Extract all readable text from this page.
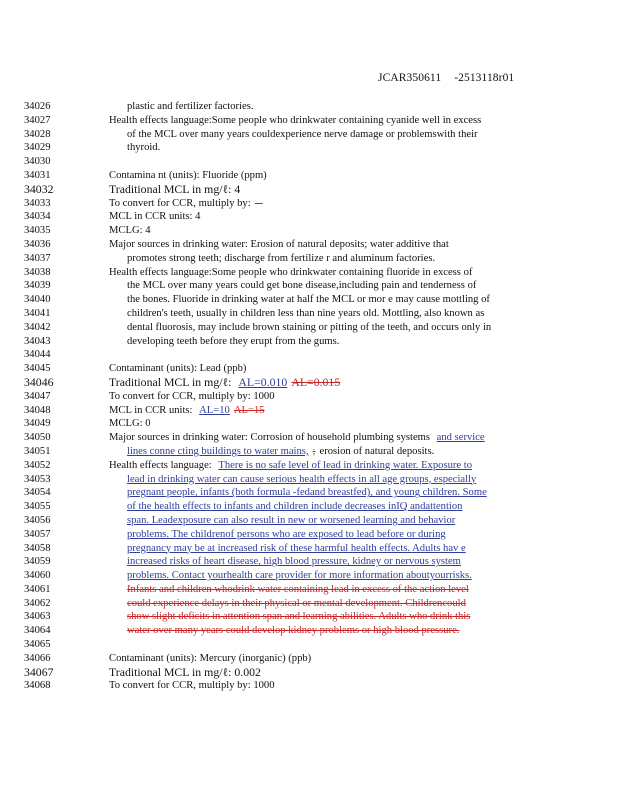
JCAR350611 -2513118r01
34026	plastic and fertilizer factories.
34027	Health effects language:Some people who drinkwater containing cyanide well in excess
34028	of the MCL over many years couldexperience nerve damage or problemswith their
34029	thyroid.
34030
34031	Contamina nt (units): Fluoride (ppm)
34032	Traditional MCL in mg/ℓ: 4
34033	To convert for CCR, multiply by: –
34034	MCL in CCR units: 4
34035	MCLG: 4
34036	Major sources in drinking water: Erosion of natural deposits; water additive that
34037	promotes strong teeth; discharge from fertilize r and aluminum factories.
34038	Health effects language:Some people who drinkwater containing fluoride in excess of
34039	the MCL over many years could get bone disease,including pain and tenderness of
34040	the bones. Fluoride in drinking water at half the MCL or mor e may cause mottling of
34041	children's teeth, usually in children less than nine years old. Mottling, also known as
34042	dental fluorosis, may include brown staining or pitting of the teeth, and occurs only in
34043	developing teeth before they erupt from the gums.
34044
34045	Contaminant (units): Lead (ppb)
34046	Traditional MCL in mg/ℓ: AL=0.010 AL=0.015
34047	To convert for CCR, multiply by: 1000
34048	MCL in CCR units: AL=10 AL=15
34049	MCLG: 0
34050	Major sources in drinking water: Corrosion of household plumbing systems and service
34051	lines conne cting buildings to water mains, ; erosion of natural deposits.
34052	Health effects language: There is no safe level of lead in drinking water. Exposure to
34053	lead in drinking water can cause serious health effects in all age groups, especially
34054	pregnant people, infants (both formula -fedand breastfed), and young children. Some
34055	of the health effects to infants and children include decreases inIQ andattention
34056	span. Leadexposure can also result in new or worsened learning and behavior
34057	problems. The childrenof persons who are exposed to lead before or during
34058	pregnancy may be at increased risk of these harmful health effects. Adults hav e
34059	increased risks of heart disease, high blood pressure, kidney or nervous system
34060	problems. Contact yourhealth care provider for more information aboutyourrisks.
34061	Infants and children whodrink water containing lead in excess of the action level
34062	could experience delays in their physical or mental development. Childrencould
34063	show slight deficits in attention span and learning abilities. Adults who drink this
34064	water over many years could develop kidney problems or high blood pressure.
34065
34066	Contaminant (units): Mercury (inorganic) (ppb)
34067	Traditional MCL in mg/ℓ: 0.002
34068	To convert for CCR, multiply by: 1000
